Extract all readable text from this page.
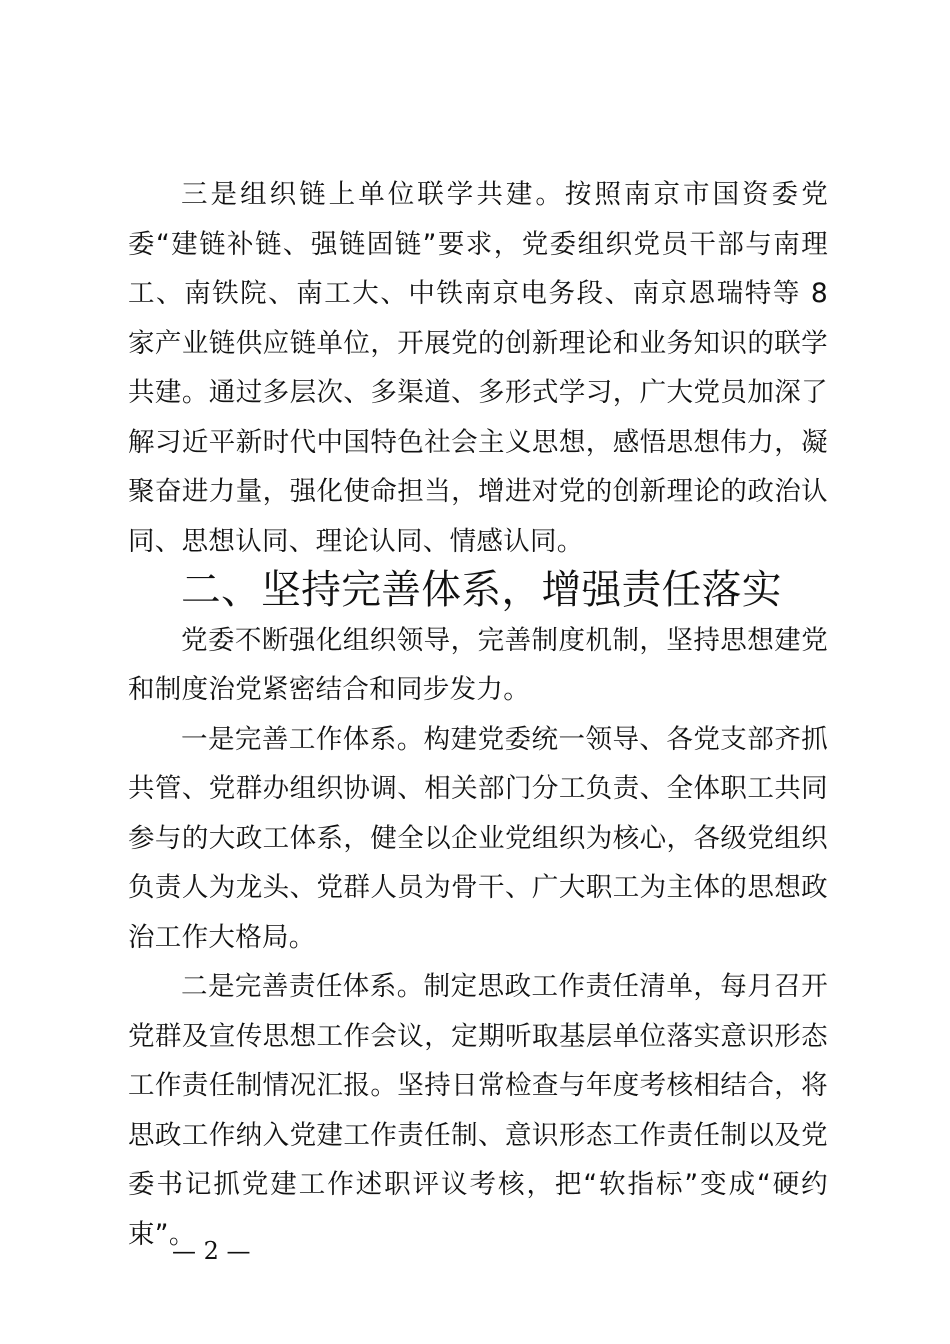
三是组织链上单位联学共建。按照南京市国资委党委“建链补链、强链固链”要求，党委组织党员干部与南理工、南铁院、南工大、中铁南京电务段、南京恩瑞特等 8 家产业链供应链单位，开展党的创新理论和业务知识的联学共建。通过多层次、多渠道、多形式学习，广大党员加深了解习近平新时代中国特色社会主义思想，感悟思想伟力，凝聚奋进力量，强化使命担当，增进对党的创新理论的政治认同、思想认同、理论认同、情感认同。

二、坚持完善体系，增强责任落实

党委不断强化组织领导，完善制度机制，坚持思想建党和制度治党紧密结合和同步发力。

一是完善工作体系。构建党委统一领导、各党支部齐抓共管、党群办组织协调、相关部门分工负责、全体职工共同参与的大政工体系，健全以企业党组织为核心，各级党组织负责人为龙头、党群人员为骨干、广大职工为主体的思想政治工作大格局。

二是完善责任体系。制定思政工作责任清单，每月召开党群及宣传思想工作会议，定期听取基层单位落实意识形态工作责任制情况汇报。坚持日常检查与年度考核相结合，将思政工作纳入党建工作责任制、意识形态工作责任制以及党委书记抓党建工作述职评议考核，把“软指标”变成“硬约束”。

— 2 —
